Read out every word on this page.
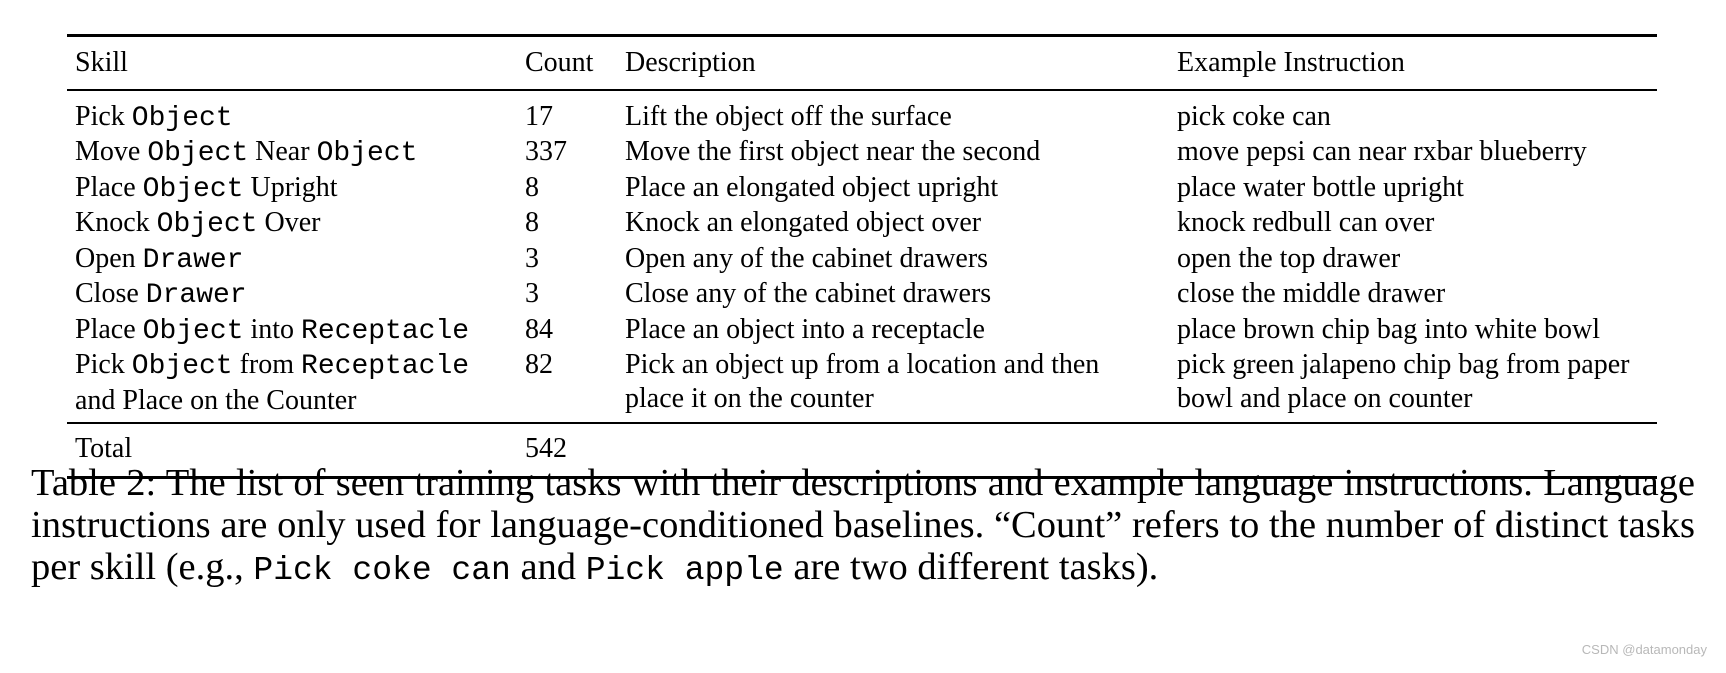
Skill	Count	Description	Example Instruction
Pick Object	17	Lift the object off the surface	pick coke can
Move Object Near Object	337	Move the first object near the second	move pepsi can near rxbar blueberry
Place Object Upright	8	Place an elongated object upright	place water bottle upright
Knock Object Over	8	Knock an elongated object over	knock redbull can over
Open Drawer	3	Open any of the cabinet drawers	open the top drawer
Close Drawer	3	Close any of the cabinet drawers	close the middle drawer
Place Object into Receptacle	84	Place an object into a receptacle	place brown chip bag into white bowl
Pick Object from Receptacle and Place on the Counter	82	Pick an object up from a location and then place it on the counter	pick green jalapeno chip bag from paper bowl and place on counter
Total	542		
Table 2: The list of seen training tasks with their descriptions and example language instructions. Language instructions are only used for language-conditioned baselines. “Count” refers to the number of distinct tasks per skill (e.g., Pick coke can and Pick apple are two different tasks).
CSDN @datamonday
